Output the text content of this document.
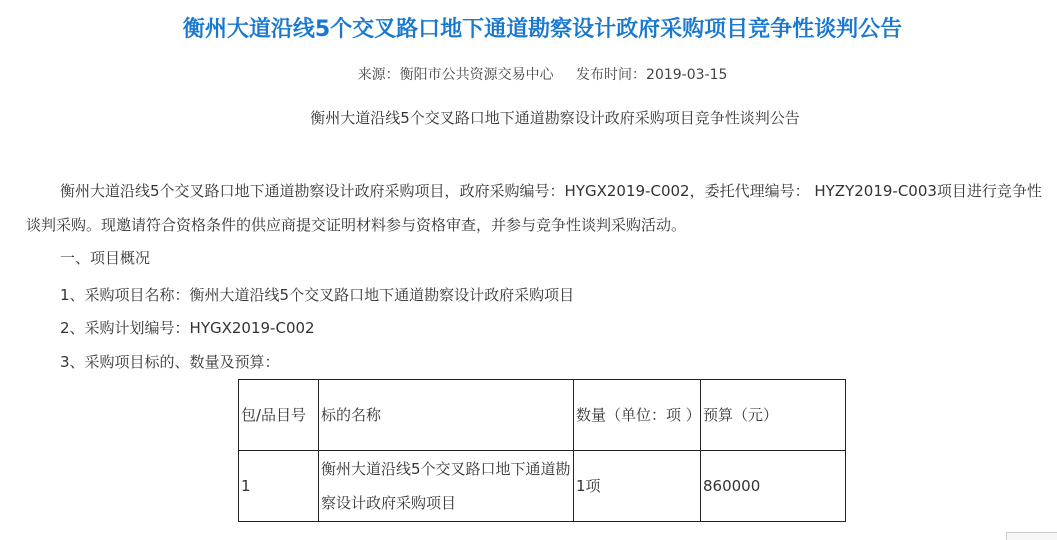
衡州大道沿线5个交叉路口地下通道勘察设计政府采购项目竞争性谈判公告
来源：衡阳市公共资源交易中心 发布时间：2019-03-15
衡州大道沿线5个交叉路口地下通道勘察设计政府采购项目竞争性谈判公告
衡州大道沿线5个交叉路口地下通道勘察设计政府采购项目，政府采购编号：HYGX2019-C002，委托代理编号： HYZY2019-C003项目进行竞争性谈判采购。现邀请符合资格条件的供应商提交证明材料参与资格审查，并参与竞争性谈判采购活动。
一、项目概况
1、采购项目名称：衡州大道沿线5个交叉路口地下通道勘察设计政府采购项目
2、采购计划编号：HYGX2019-C002
3、采购项目标的、数量及预算：
包/品目号	标的名称	数量（单位：项 ）	预算（元）
1	衡州大道沿线5个交叉路口地下通道勘察设计政府采购项目	1项	860000
